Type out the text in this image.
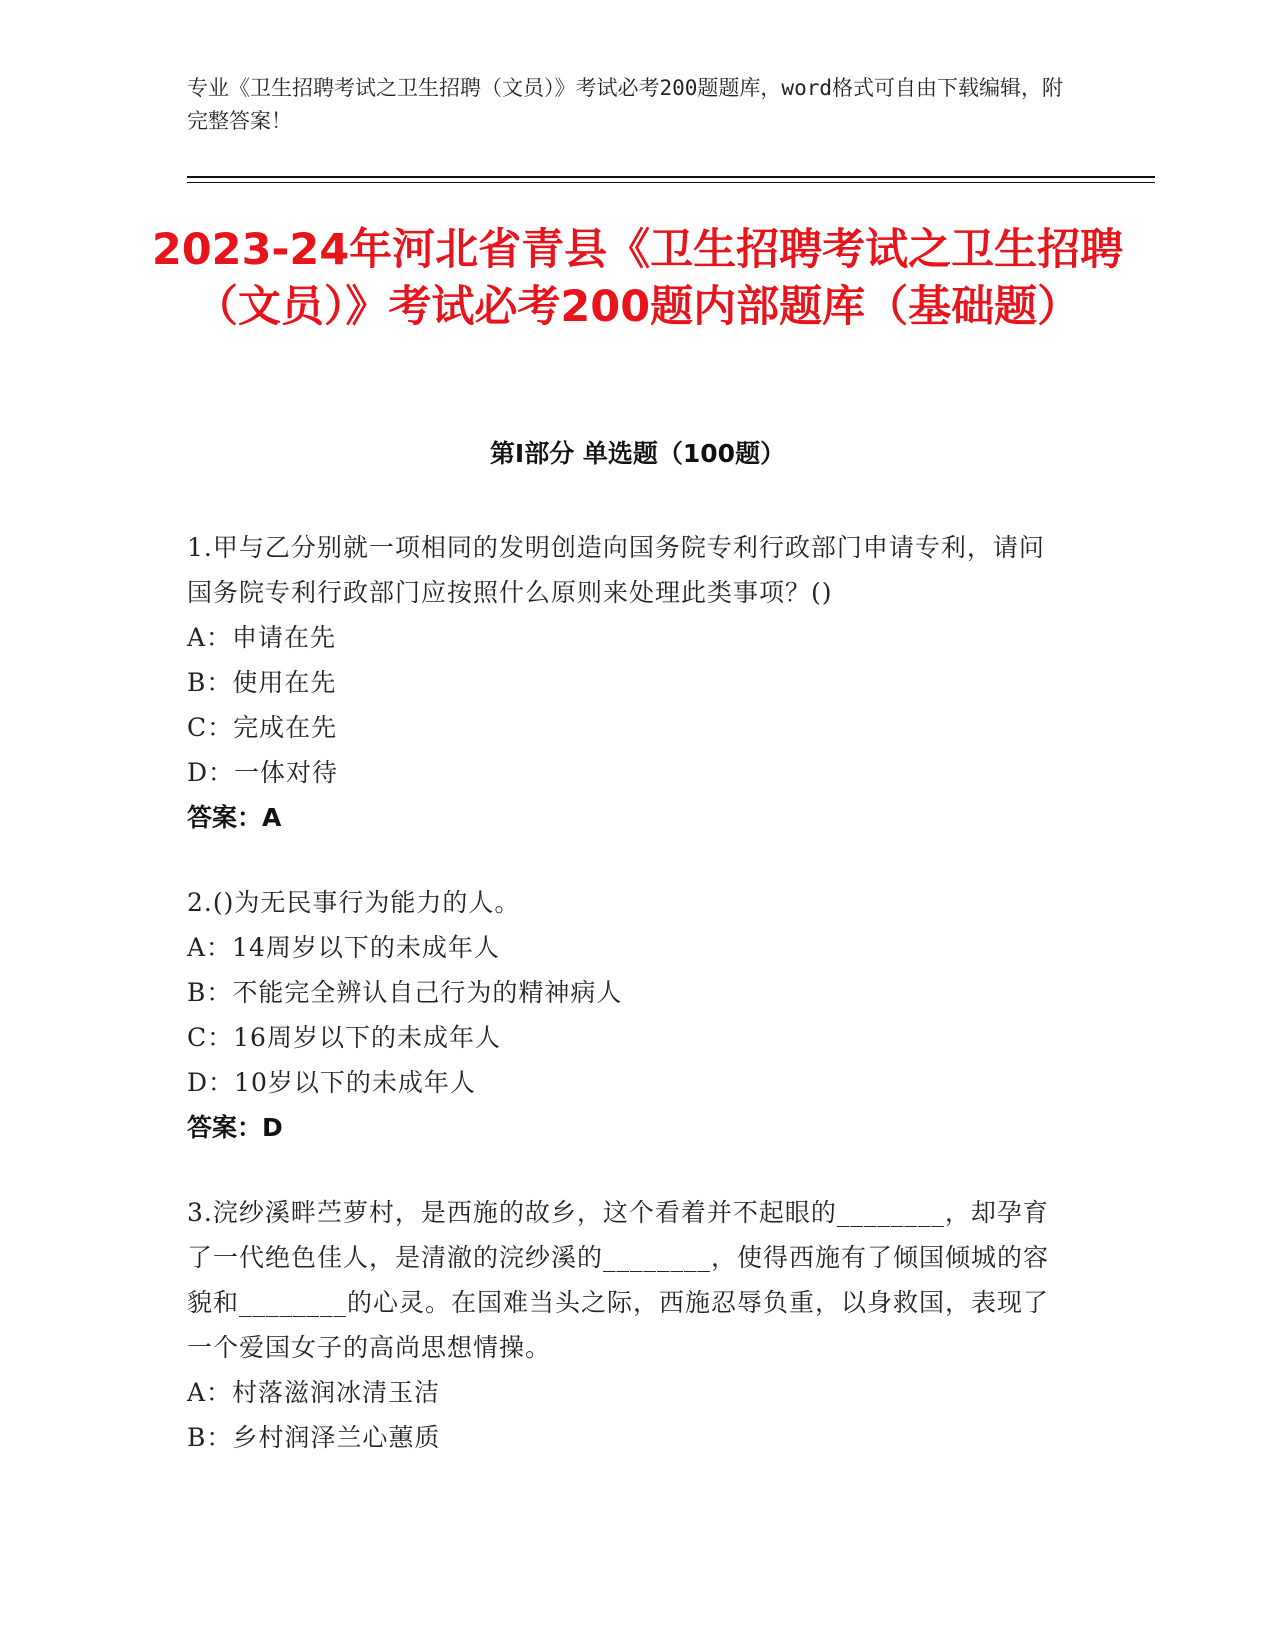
专业《卫生招聘考试之卫生招聘（文员）》考试必考200题题库，word格式可自由下载编辑，附完整答案！
2023-24年河北省青县《卫生招聘考试之卫生招聘（文员）》考试必考200题内部题库（基础题）
第Ⅰ部分 单选题（100题）
1.甲与乙分别就一项相同的发明创造向国务院专利行政部门申请专利，请问国务院专利行政部门应按照什么原则来处理此类事项？()
A：申请在先
B：使用在先
C：完成在先
D：一体对待
答案：A
2.()为无民事行为能力的人。
A：14周岁以下的未成年人
B：不能完全辨认自己行为的精神病人
C：16周岁以下的未成年人
D：10岁以下的未成年人
答案：D
3.浣纱溪畔苎萝村，是西施的故乡，这个看着并不起眼的________，却孕育了一代绝色佳人，是清澈的浣纱溪的________，使得西施有了倾国倾城的容貌和________的心灵。在国难当头之际，西施忍辱负重，以身救国，表现了一个爱国女子的高尚思想情操。
A：村落滋润冰清玉洁
B：乡村润泽兰心蕙质
